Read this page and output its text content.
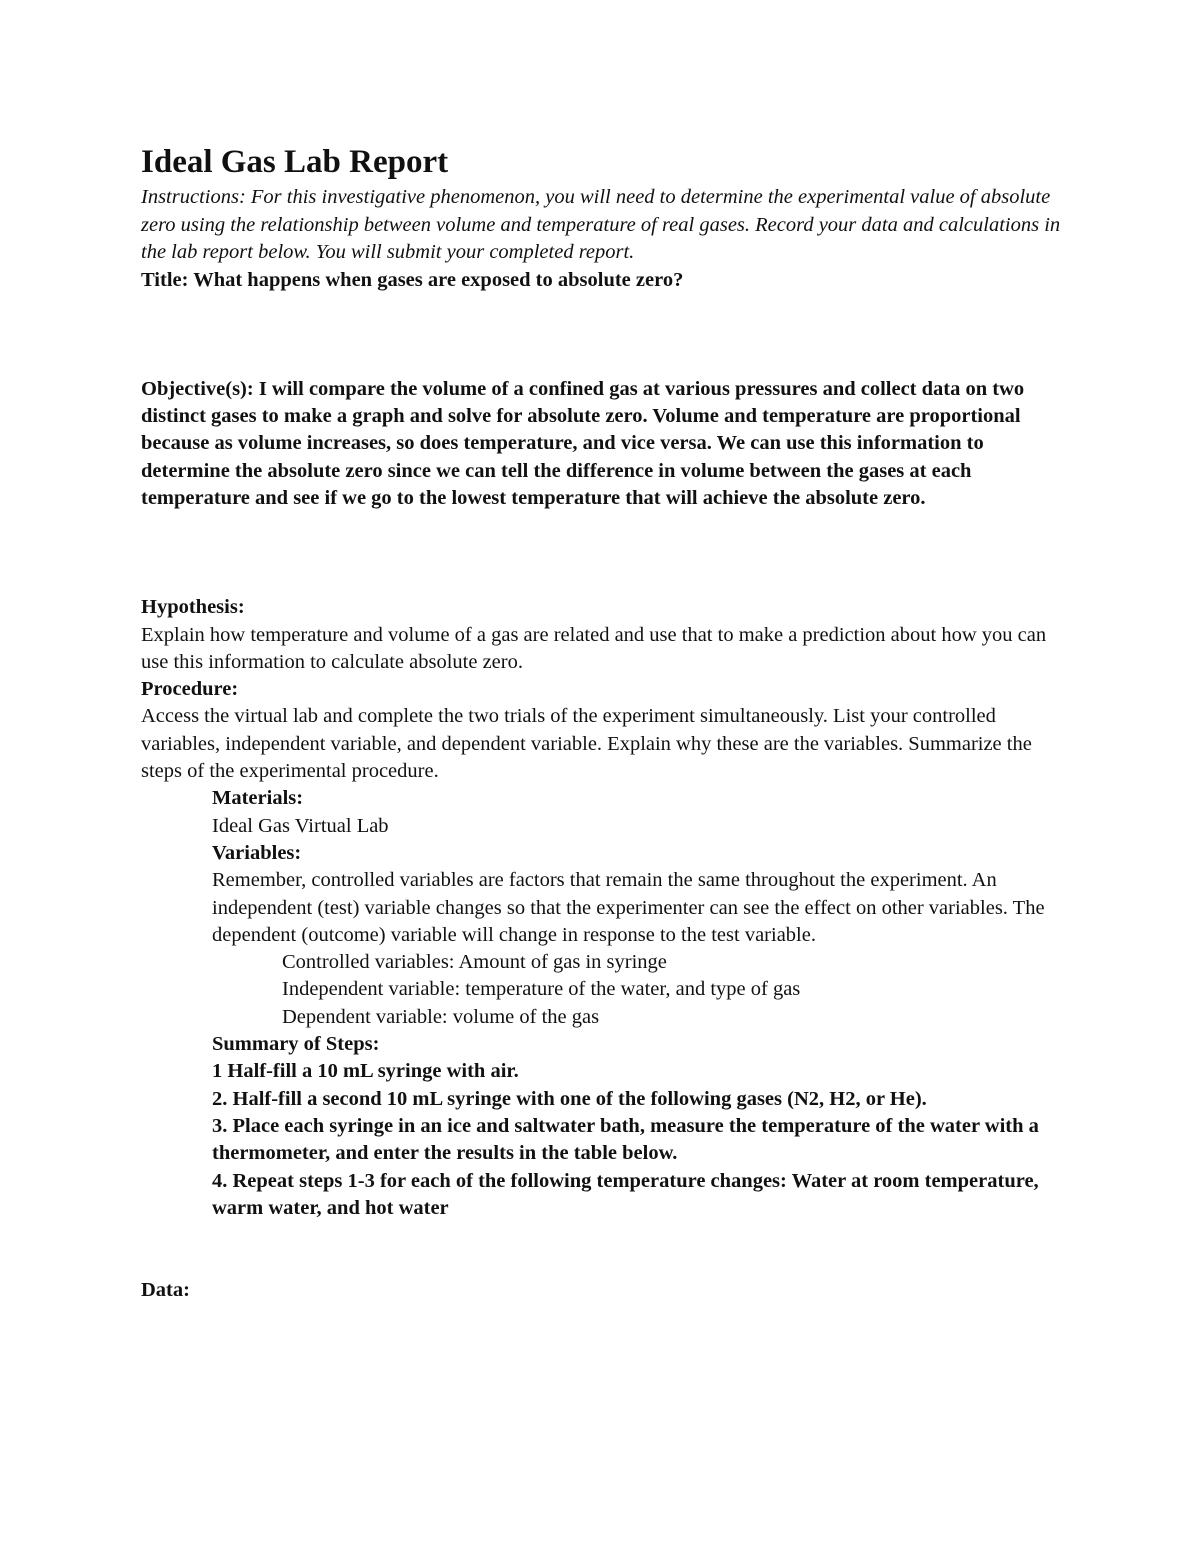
Ideal Gas Lab Report

Instructions: For this investigative phenomenon, you will need to determine the experimental value of absolute zero using the relationship between volume and temperature of real gases. Record your data and calculations in the lab report below. You will submit your completed report.

Title: What happens when gases are exposed to absolute zero?

Objective(s): I will compare the volume of a confined gas at various pressures and collect data on two distinct gases to make a graph and solve for absolute zero. Volume and temperature are proportional because as volume increases, so does temperature, and vice versa. We can use this information to determine the absolute zero since we can tell the difference in volume between the gases at each temperature and see if we go to the lowest temperature that will achieve the absolute zero.

Hypothesis:

Explain how temperature and volume of a gas are related and use that to make a prediction about how you can use this information to calculate absolute zero.

Procedure:

Access the virtual lab and complete the two trials of the experiment simultaneously. List your controlled variables, independent variable, and dependent variable. Explain why these are the variables. Summarize the steps of the experimental procedure.

Materials:

Ideal Gas Virtual Lab

Variables:

Remember, controlled variables are factors that remain the same throughout the experiment. An independent (test) variable changes so that the experimenter can see the effect on other variables. The dependent (outcome) variable will change in response to the test variable.

Controlled variables: Amount of gas in syringe

Independent variable: temperature of the water, and type of gas

Dependent variable: volume of the gas

Summary of Steps:

1 Half-fill a 10 mL syringe with air.

2. Half-fill a second 10 mL syringe with one of the following gases (N2, H2, or He).

3. Place each syringe in an ice and saltwater bath, measure the temperature of the water with a thermometer, and enter the results in the table below.

4. Repeat steps 1-3 for each of the following temperature changes: Water at room temperature, warm water, and hot water

Data:
